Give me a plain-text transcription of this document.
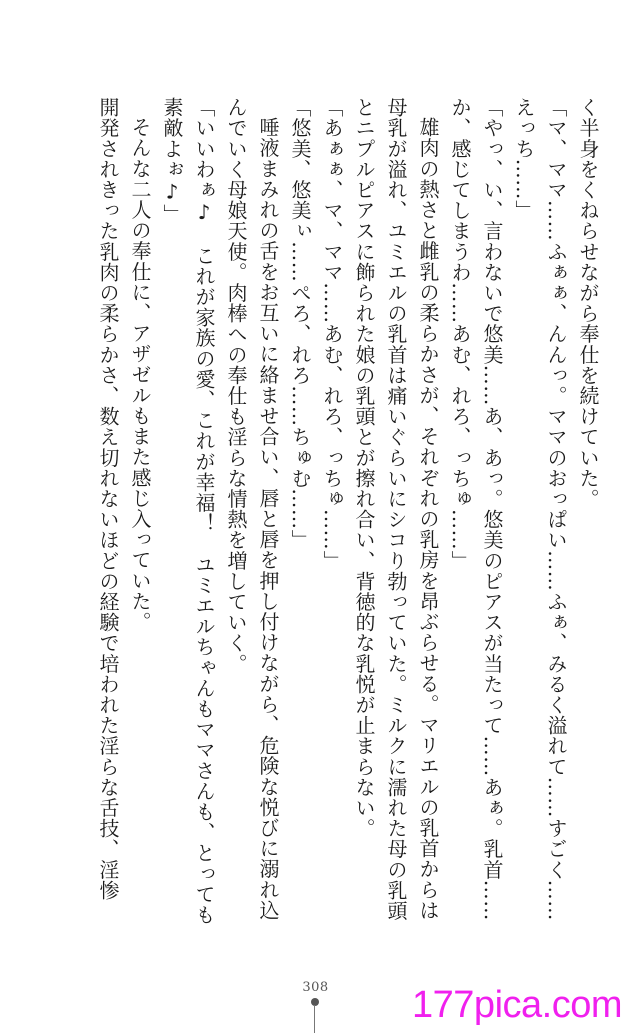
く半身をくねらせながら奉仕を続けていた。
「マ、ママ……ふぁぁ、んんっ。ママのおっぱい……ふぁ、みるく溢れて……すごく……
えっち……」
「やっ、い、言わないで悠美……あ、あっ。悠美のピアスが当たって……あぁ。乳首……
か、感じてしまうわ……あむ、れろ、っちゅ……」
雄肉の熱さと雌乳の柔らかさが、それぞれの乳房を昂ぶらせる。マリエルの乳首からは
母乳が溢れ、ユミエルの乳首は痛いぐらいにシコり勃っていた。ミルクに濡れた母の乳頭
とニプルピアスに飾られた娘の乳頭とが擦れ合い、背徳的な乳悦が止まらない。
「あぁぁ、マ、ママ……あむ、れろ、っちゅ……」
「悠美、悠美ぃ……ぺろ、れろ……ちゅむ……」
唾液まみれの舌をお互いに絡ませ合い、唇と唇を押し付けながら、危険な悦びに溺れ込
んでいく母娘天使。肉棒への奉仕も淫らな情熱を増していく。
「いいわぁ♪　これが家族の愛、これが幸福！　ユミエルちゃんもママさんも、とっても
素敵よぉ♪」
そんな二人の奉仕に、アザゼルもまた感じ入っていた。
開発されきった乳肉の柔らかさ、数え切れないほどの経験で培われた淫らな舌技、淫惨
308	177pica.com
